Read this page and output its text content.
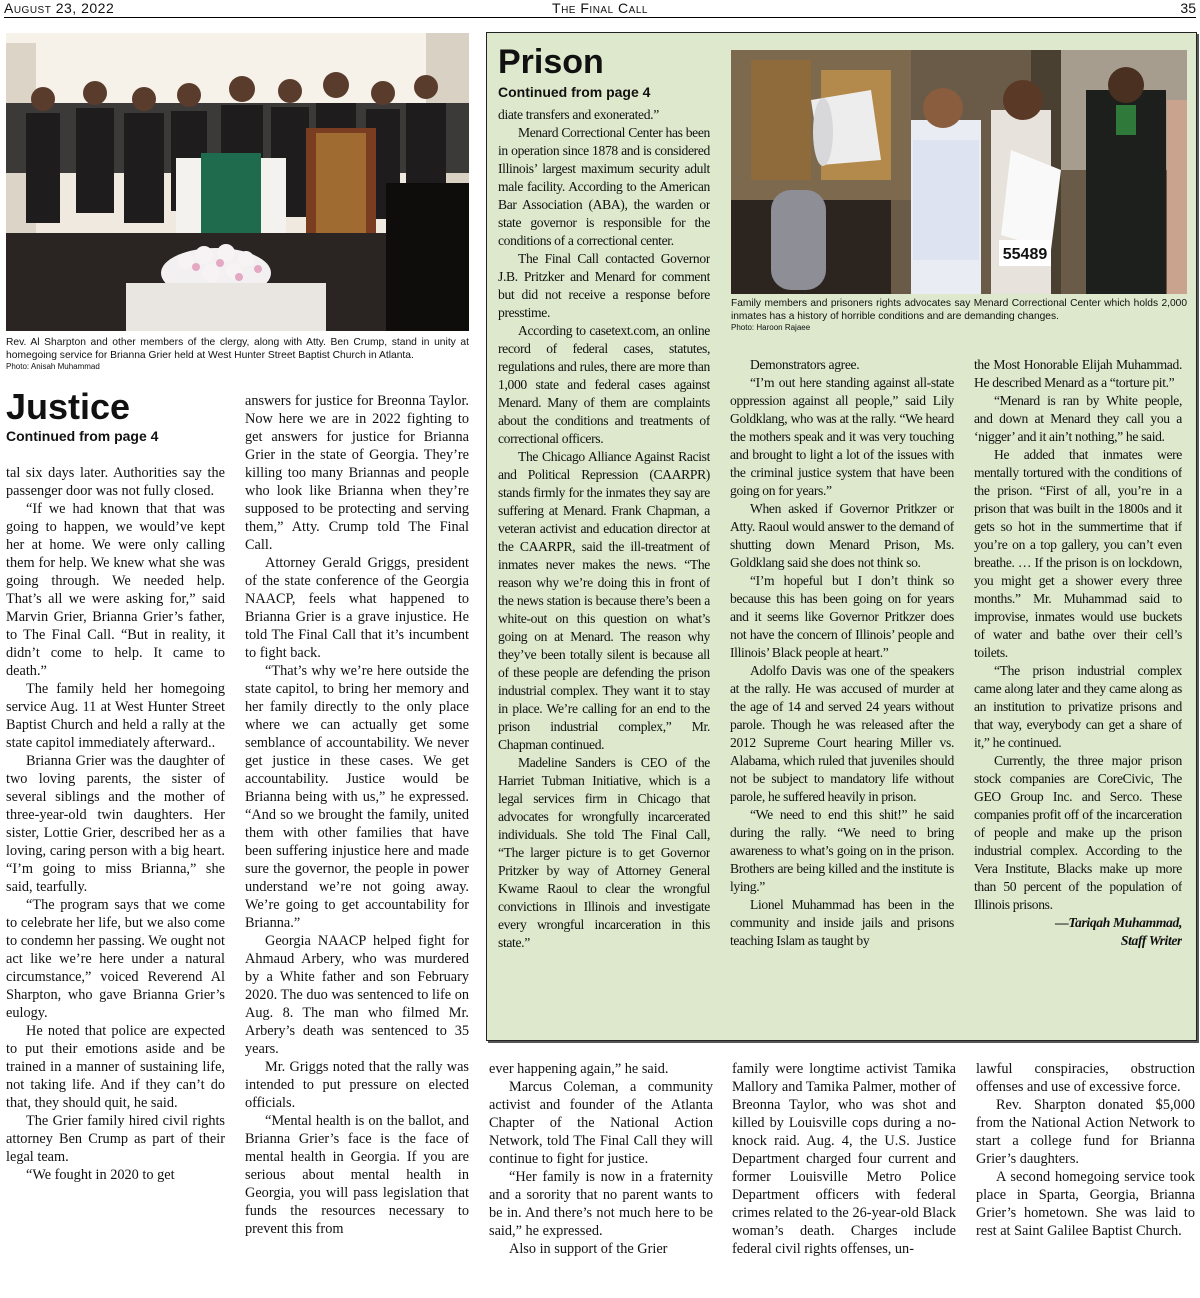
August 23, 2022	The Final Call	35
Rev. Al Sharpton and other members of the clergy, along with Atty. Ben Crump, stand in unity at homegoing service for Brianna Grier held at West Hunter Street Baptist Church in Atlanta.
Photo: Anisah Muhammad
Justice
Continued from page 4

tal six days later. Authorities say the passenger door was not fully closed.

“If we had known that that was going to happen, we would’ve kept her at home. We were only calling them for help. We knew what she was going through. We needed help. That’s all we were asking for,” said Marvin Grier, Brianna Grier’s father, to The Final Call. “But in reality, it didn’t come to help. It came to death.”

The family held her homegoing service Aug. 11 at West Hunter Street Baptist Church and held a rally at the state capitol immediately afterward..

Brianna Grier was the daughter of two loving parents, the sister of several siblings and the mother of three-year-old twin daughters. Her sister, Lottie Grier, described her as a loving, caring person with a big heart. “I’m going to miss Brianna,” she said, tearfully.

“The program says that we come to celebrate her life, but we also come to condemn her passing. We ought not act like we’re here under a natural circumstance,” voiced Reverend Al Sharpton, who gave Brianna Grier’s eulogy.

He noted that police are expected to put their emotions aside and be trained in a manner of sustaining life, not taking life. And if they can’t do that, they should quit, he said.

The Grier family hired civil rights attorney Ben Crump as part of their legal team.

“We fought in 2020 to get

answers for justice for Breonna Taylor. Now here we are in 2022 fighting to get answers for justice for Brianna Grier in the state of Georgia. They’re killing too many Briannas and people who look like Brianna when they’re supposed to be protecting and serving them,” Atty. Crump told The Final Call.

Attorney Gerald Griggs, president of the state conference of the Georgia NAACP, feels what happened to Brianna Grier is a grave injustice. He told The Final Call that it’s incumbent to fight back.

“That’s why we’re here outside the state capitol, to bring her memory and her family directly to the only place where we can actually get some semblance of accountability. We never get justice in these cases. We get accountability. Justice would be Brianna being with us,” he expressed. “And so we brought the family, united them with other families that have been suffering injustice here and made sure the governor, the people in power understand we’re not going away. We’re going to get accountability for Brianna.”

Georgia NAACP helped fight for Ahmaud Arbery, who was murdered by a White father and son February 2020. The duo was sentenced to life on Aug. 8. The man who filmed Mr. Arbery’s death was sentenced to 35 years.

Mr. Griggs noted that the rally was intended to put pressure on elected officials.

“Mental health is on the ballot, and Brianna Grier’s face is the face of mental health in Georgia. If you are serious about mental health in Georgia, you will pass legislation that funds the resources necessary to prevent this from

ever happening again,” he said.

Marcus Coleman, a community activist and founder of the Atlanta Chapter of the National Action Network, told The Final Call they will continue to fight for justice.

“Her family is now in a fraternity and a sorority that no parent wants to be in. And there’s not much here to be said,” he expressed.

Also in support of the Grier

family were longtime activist Tamika Mallory and Tamika Palmer, mother of Breonna Taylor, who was shot and killed by Louisville cops during a no-knock raid. Aug. 4, the U.S. Justice Department charged four current and former Louisville Metro Police Department officers with federal crimes related to the 26-year-old Black woman’s death. Charges include federal civil rights offenses, un-

lawful conspiracies, obstruction offenses and use of excessive force.

Rev. Sharpton donated $5,000 from the National Action Network to start a college fund for Brianna Grier’s daughters.

A second homegoing service took place in Sparta, Georgia, Brianna Grier’s hometown. She was laid to rest at Saint Galilee Baptist Church.

Prison
Continued from page 4

diate transfers and exonerated.”

Menard Correctional Center has been in operation since 1878 and is considered Illinois’ largest maximum security adult male facility. According to the American Bar Association (ABA), the warden or state governor is responsible for the conditions of a correctional center.

The Final Call contacted Governor J.B. Pritzker and Menard for comment but did not receive a response before presstime.

According to casetext.com, an online record of federal cases, statutes, regulations and rules, there are more than 1,000 state and federal cases against Menard. Many of them are complaints about the conditions and treatments of correctional officers.

The Chicago Alliance Against Racist and Political Repression (CAARPR) stands firmly for the inmates they say are suffering at Menard. Frank Chapman, a veteran activist and education director at the CAARPR, said the ill-treatment of inmates never makes the news. “The reason why we’re doing this in front of the news station is because there’s been a white-out on this question on what’s going on at Menard. The reason why they’ve been totally silent is because all of these people are defending the prison industrial complex. They want it to stay in place. We’re calling for an end to the prison industrial complex,” Mr. Chapman continued.

Madeline Sanders is CEO of the Harriet Tubman Initiative, which is a legal services firm in Chicago that advocates for wrongfully incarcerated individuals. She told The Final Call, “The larger picture is to get Governor Pritzker by way of Attorney General Kwame Raoul to clear the wrongful convictions in Illinois and investigate every wrongful incarceration in this state.”

55489
Family members and prisoners rights advocates say Menard Correctional Center which holds 2,000 inmates has a history of horrible conditions and are demanding changes.
Photo: Haroon Rajaee

Demonstrators agree.

“I’m out here standing against all-state oppression against all people,” said Lily Goldklang, who was at the rally. “We heard the mothers speak and it was very touching and brought to light a lot of the issues with the criminal justice system that have been going on for years.”

When asked if Governor Pritkzer or Atty. Raoul would answer to the demand of shutting down Menard Prison, Ms. Goldklang said she does not think so.

“I’m hopeful but I don’t think so because this has been going on for years and it seems like Governor Pritkzer does not have the concern of Illinois’ people and Illinois’ Black people at heart.”

Adolfo Davis was one of the speakers at the rally. He was accused of murder at the age of 14 and served 24 years without parole. Though he was released after the 2012 Supreme Court hearing Miller vs. Alabama, which ruled that juveniles should not be subject to mandatory life without parole, he suffered heavily in prison.

“We need to end this shit!” he said during the rally. “We need to bring awareness to what’s going on in the prison. Brothers are being killed and the institute is lying.”

Lionel Muhammad has been in the community and inside jails and prisons teaching Islam as taught by

the Most Honorable Elijah Muhammad. He described Menard as a “torture pit.”

“Menard is ran by White people, and down at Menard they call you a ‘nigger’ and it ain’t nothing,” he said.

He added that inmates were mentally tortured with the conditions of the prison. “First of all, you’re in a prison that was built in the 1800s and it gets so hot in the summertime that if you’re on a top gallery, you can’t even breathe. … If the prison is on lockdown, you might get a shower every three months.” Mr. Muhammad said to improvise, inmates would use buckets of water and bathe over their cell’s toilets.

“The prison industrial complex came along later and they came along as an institution to privatize prisons and that way, everybody can get a share of it,” he continued.

Currently, the three major prison stock companies are CoreCivic, The GEO Group Inc. and Serco. These companies profit off of the incarceration of people and make up the prison industrial complex. According to the Vera Institute, Blacks make up more than 50 percent of the population of Illinois prisons.

—Tariqah Muhammad,
Staff Writer
